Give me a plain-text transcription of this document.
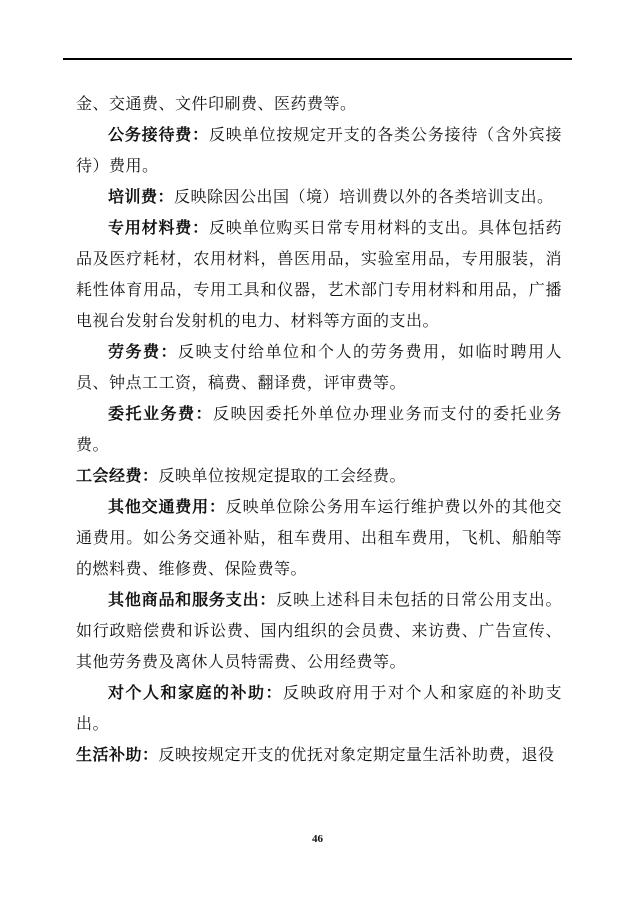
金、交通费、文件印刷费、医药费等。
公务接待费：反映单位按规定开支的各类公务接待（含外宾接待）费用。
培训费：反映除因公出国（境）培训费以外的各类培训支出。
专用材料费：反映单位购买日常专用材料的支出。具体包括药品及医疗耗材，农用材料，兽医用品，实验室用品，专用服装，消耗性体育用品，专用工具和仪器，艺术部门专用材料和用品，广播电视台发射台发射机的电力、材料等方面的支出。
劳务费：反映支付给单位和个人的劳务费用，如临时聘用人员、钟点工工资，稿费、翻译费，评审费等。
委托业务费：反映因委托外单位办理业务而支付的委托业务费。
工会经费：反映单位按规定提取的工会经费。
其他交通费用：反映单位除公务用车运行维护费以外的其他交通费用。如公务交通补贴，租车费用、出租车费用，飞机、船舶等的燃料费、维修费、保险费等。
其他商品和服务支出：反映上述科目未包括的日常公用支出。如行政赔偿费和诉讼费、国内组织的会员费、来访费、广告宣传、其他劳务费及离休人员特需费、公用经费等。
对个人和家庭的补助：反映政府用于对个人和家庭的补助支出。
生活补助：反映按规定开支的优抚对象定期定量生活补助费，退役
46
